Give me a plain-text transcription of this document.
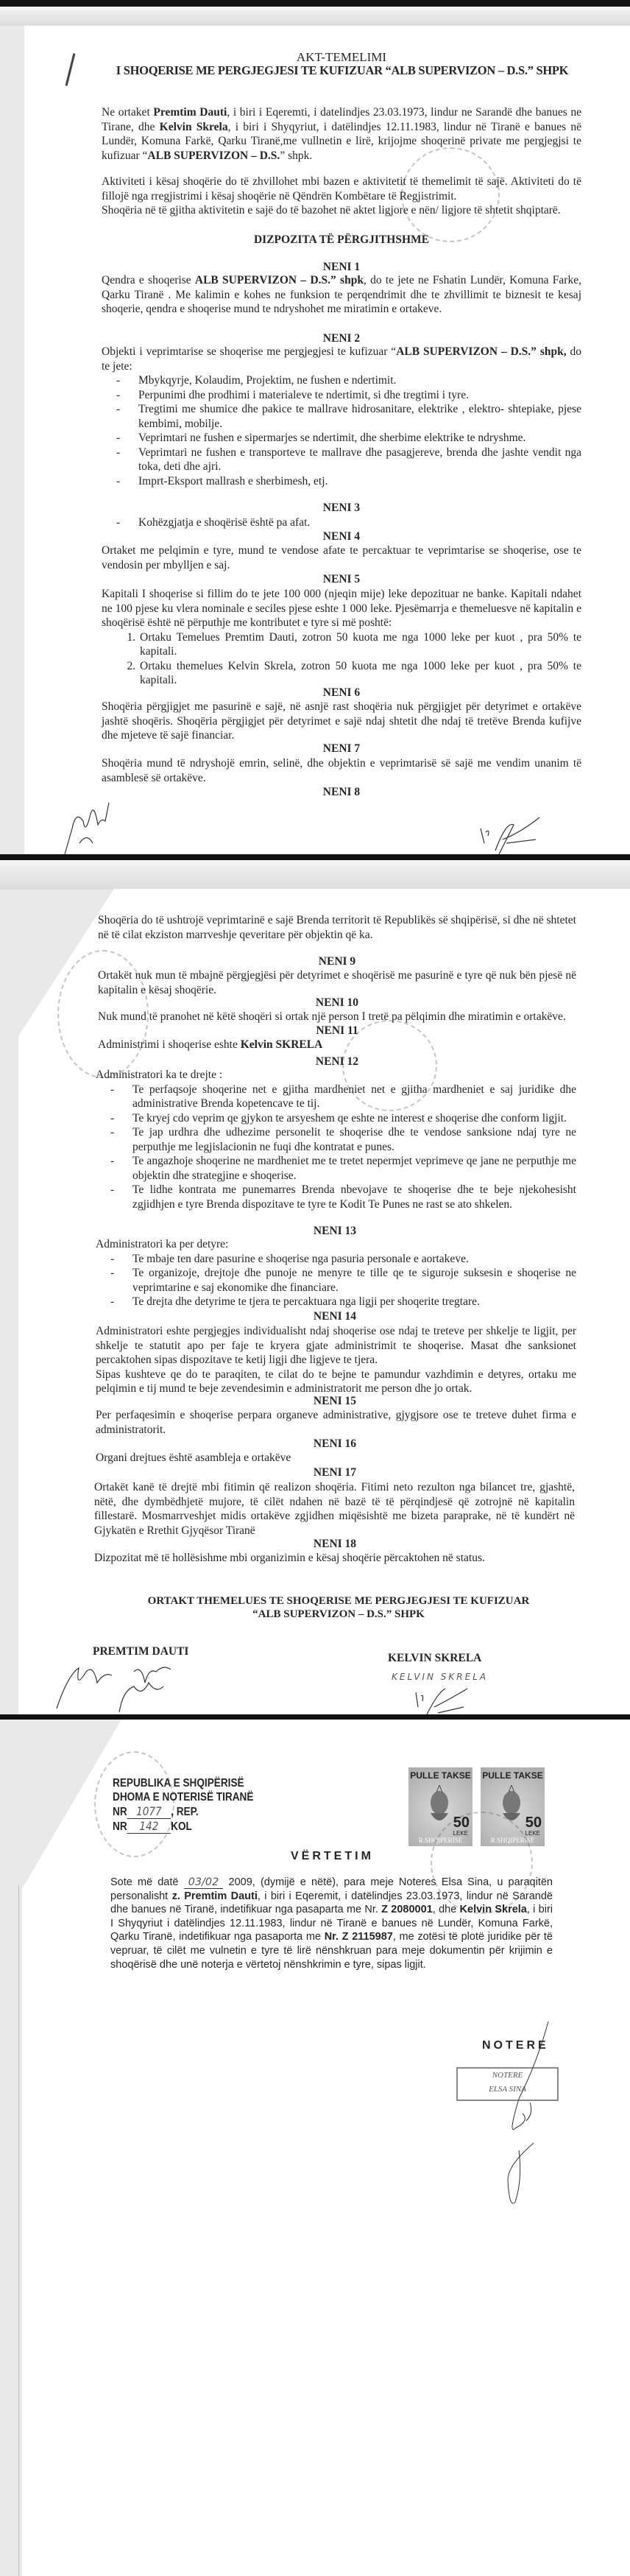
AKT-TEMELIMI
I SHOQERISE ME PERGJEGJESI TE KUFIZUAR “ALB SUPERVIZON – D.S.” SHPK
Ne ortaket Premtim Dauti, i biri i Eqeremti, i datelindjes 23.03.1973, lindur ne Sarandë dhe banues ne Tirane, dhe Kelvin Skrela, i biri i Shyqyriut, i datëlindjes 12.11.1983, lindur në Tiranë e banues në Lundër, Komuna Farkë, Qarku Tiranë,me vullnetin e lirë, krijojme shoqerinë private me pergjegjsi te kufizuar “ALB SUPERVIZON – D.S.” shpk.
Aktiviteti i kësaj shoqërie do të zhvillohet mbi bazen e aktivitetit të themelimit të sajë. Aktiviteti do të fillojë nga rregjistrimi i kësaj shoqërie në Qëndrën Kombëtare të Regjistrimit.
Shoqëria në të gjitha aktivitetin e sajë do të bazohet në aktet ligjore e nën/ ligjore të shtetit shqiptarë.
DIZPOZITA TË PËRGJITHSHME
NENI 1
Qendra e shoqerise ALB SUPERVIZON – D.S.” shpk, do te jete ne Fshatin Lundër, Komuna Farke, Qarku Tiranë . Me kalimin e kohes ne funksion te perqendrimit dhe te zhvillimit te biznesit te kesaj shoqerie, qendra e shoqerise mund te ndryshohet me miratimin e ortakeve.
NENI 2
Objekti i veprimtarise se shoqerise me pergjegjesi te kufizuar “ALB SUPERVIZON – D.S.” shpk, do te jete:
- Mbykqyrje, Kolaudim, Projektim, ne fushen e ndertimit.
- Perpunimi dhe prodhimi i materialeve te ndertimit, si dhe tregtimi i tyre.
- Tregtimi me shumice dhe pakice te mallrave hidrosanitare, elektrike , elektro- shtepiake, pjese kembimi, mobilje.
- Veprimtari ne fushen e sipermarjes se ndertimit, dhe sherbime elektrike te ndryshme.
- Veprimtari ne fushen e transporteve te mallrave dhe pasagjereve, brenda dhe jashte vendit nga toka, deti dhe ajri.
- Imprt-Eksport mallrash e sherbimesh, etj.
NENI 3
- Kohëzgjatja e shoqërisë është pa afat.
NENI 4
Ortaket me pelqimin e tyre, mund te vendose afate te percaktuar te veprimtarise se shoqerise, ose te vendosin per mbylljen e saj.
NENI 5
Kapitali I shoqerise si fillim do te jete 100 000 (njeqin mije) leke depozituar ne banke. Kapitali ndahet ne 100 pjese ku vlera nominale e seciles pjese eshte 1 000 leke. Pjesëmarrja e themeluesve në kapitalin e shoqërisë është në përputhje me kontributet e tyre si më poshtë:
1. Ortaku Temelues Premtim Dauti, zotron 50 kuota me nga 1000 leke per kuot , pra 50% te kapitali.
2. Ortaku themelues Kelvin Skrela, zotron 50 kuota me nga 1000 leke per kuot , pra 50% te kapitali.
NENI 6
Shoqëria përgjigjet me pasurinë e sajë, në asnjë rast shoqëria nuk përgjigjet për detyrimet e ortakëve jashtë shoqëris. Shoqëria përgjigjet për detyrimet e sajë ndaj shtetit dhe ndaj të tretëve Brenda kufijve dhe mjeteve të sajë financiar.
NENI 7
Shoqëria mund të ndryshojë emrin, selinë, dhe objektin e veprimtarisë së sajë me vendim unanim të asamblesë së ortakëve.
NENI 8
Shoqëria do të ushtrojë veprimtarinë e sajë Brenda territorit të Republikës së shqipërisë, si dhe në shtetet në të cilat ekziston marrveshje qeveritare për objektin që ka.
NENI 9
Ortakët nuk mun të mbajnë përgjegjësi për detyrimet e shoqërisë me pasurinë e tyre që nuk bën pjesë në kapitalin e kësaj shoqërie.
NENI 10
Nuk mund të pranohet në këtë shoqëri si ortak një person I tretë pa pëlqimin dhe miratimin e ortakëve.
NENI 11
Administrimi i shoqerise eshte Kelvin SKRELA
NENI 12
Administratori ka te drejte :
- Te perfaqsoje shoqerine net e gjitha mardheniet net e gjitha mardheniet e saj juridike dhe administrative Brenda kopetencave te tij.
- Te kryej cdo veprim qe gjykon te arsyeshem qe eshte ne interest e shoqerise dhe conform ligjit.
- Te jap urdhra dhe udhezime personelit te shoqerise dhe te vendose sanksione ndaj tyre ne perputhje me legjislacionin ne fuqi dhe kontratat e punes.
- Te angazhoje shoqerine ne mardheniet me te tretet nepermjet veprimeve qe jane ne perputhje me objektin dhe strategjine e shoqerise.
- Te lidhe kontrata me punemarres Brenda nbevojave te shoqerise dhe te beje njekohesisht zgjidhjen e tyre Brenda dispozitave te tyre te Kodit Te Punes ne rast se ato shkelen.
NENI 13
Administratori ka per detyre:
- Te mbaje ten dare pasurine e shoqerise nga pasuria personale e aortakeve.
- Te organizoje, drejtoje dhe punoje ne menyre te tille qe te siguroje suksesin e shoqerise ne veprimtarine e saj ekonomike dhe financiare.
- Te drejta dhe detyrime te tjera te percaktuara nga ligji per shoqerite tregtare.
NENI 14
Administratori eshte pergjegjes individualisht ndaj shoqerise ose ndaj te treteve per shkelje te ligjit, per shkelje te statutit apo per faje te kryera gjate administrimit te shoqerise. Masat dhe sanksionet percaktohen sipas dispozitave te ketij ligji dhe ligjeve te tjera.
Sipas kushteve qe do te paraqiten, te cilat do te bejne te pamundur vazhdimin e detyres, ortaku me pelqimin e tij mund te beje zevendesimin e administratorit me person dhe jo ortak.
NENI 15
Per perfaqesimin e shoqerise perpara organeve administrative, gjygjsore ose te treteve duhet firma e administratorit.
NENI 16
Organi drejtues është asambleja e ortakëve
NENI 17
Ortakët kanë të drejtë mbi fitimin që realizon shoqëria. Fitimi neto rezulton nga bilancet tre, gjashtë, nëtë, dhe dymbëdhjetë mujore, të cilët ndahen në bazë të të përqindjesë që zotrojnë në kapitalin fillestarë. Mosmarrveshjet midis ortakëve zgjidhen miqësishtë me bizeta paraprake, në të kundërt në Gjykatën e Rrethit Gjyqësor Tiranë
NENI 18
Dizpozitat më të hollësishme mbi organizimin e kësaj shoqërie përcaktohen në status.
ORTAKT THEMELUES TE SHOQERISE ME PERGJEGJESI TE KUFIZUAR
“ALB SUPERVIZON – D.S.” SHPK
PREMTIM DAUTI
KELVIN SKRELA
KELVIN SKRELA
REPUBLIKA E SHQIPËRISË
DHOMA E NOTERISË TIRANË
NR 1077 , REP.
NR 142 KOL
PULLE TAKSE
50
LEKE
R.SHQIPERISE
PULLE TAKSE
50
LEKE
R.SHQIPERISE
VËRTETIM
Sote më datë 03/02 2009, (dymijë e nëtë), para meje Noteres Elsa Sina, u paraqitën personalisht z. Premtim Dauti, i biri i Eqeremit, i datëlindjes 23.03.1973, lindur në Sarandë dhe banues në Tiranë, indetifikuar nga pasaparta me Nr. Z 2080001, dhe Kelvin Skrela, i biri I Shyqyriut i datëlindjes 12.11.1983, lindur në Tiranë e banues në Lundër, Komuna Farkë, Qarku Tiranë, indetifikuar nga pasaporta me Nr. Z 2115987, me zotësi të plotë juridike për të vepruar, të cilët me vulnetin e tyre të lirë nënshkruan para meje dokumentin për krijimin e shoqërisë dhe unë noterja e vërtetoj nënshkrimin e tyre, sipas ligjit.
NOTERE
NOTERE
ELSA SINA
